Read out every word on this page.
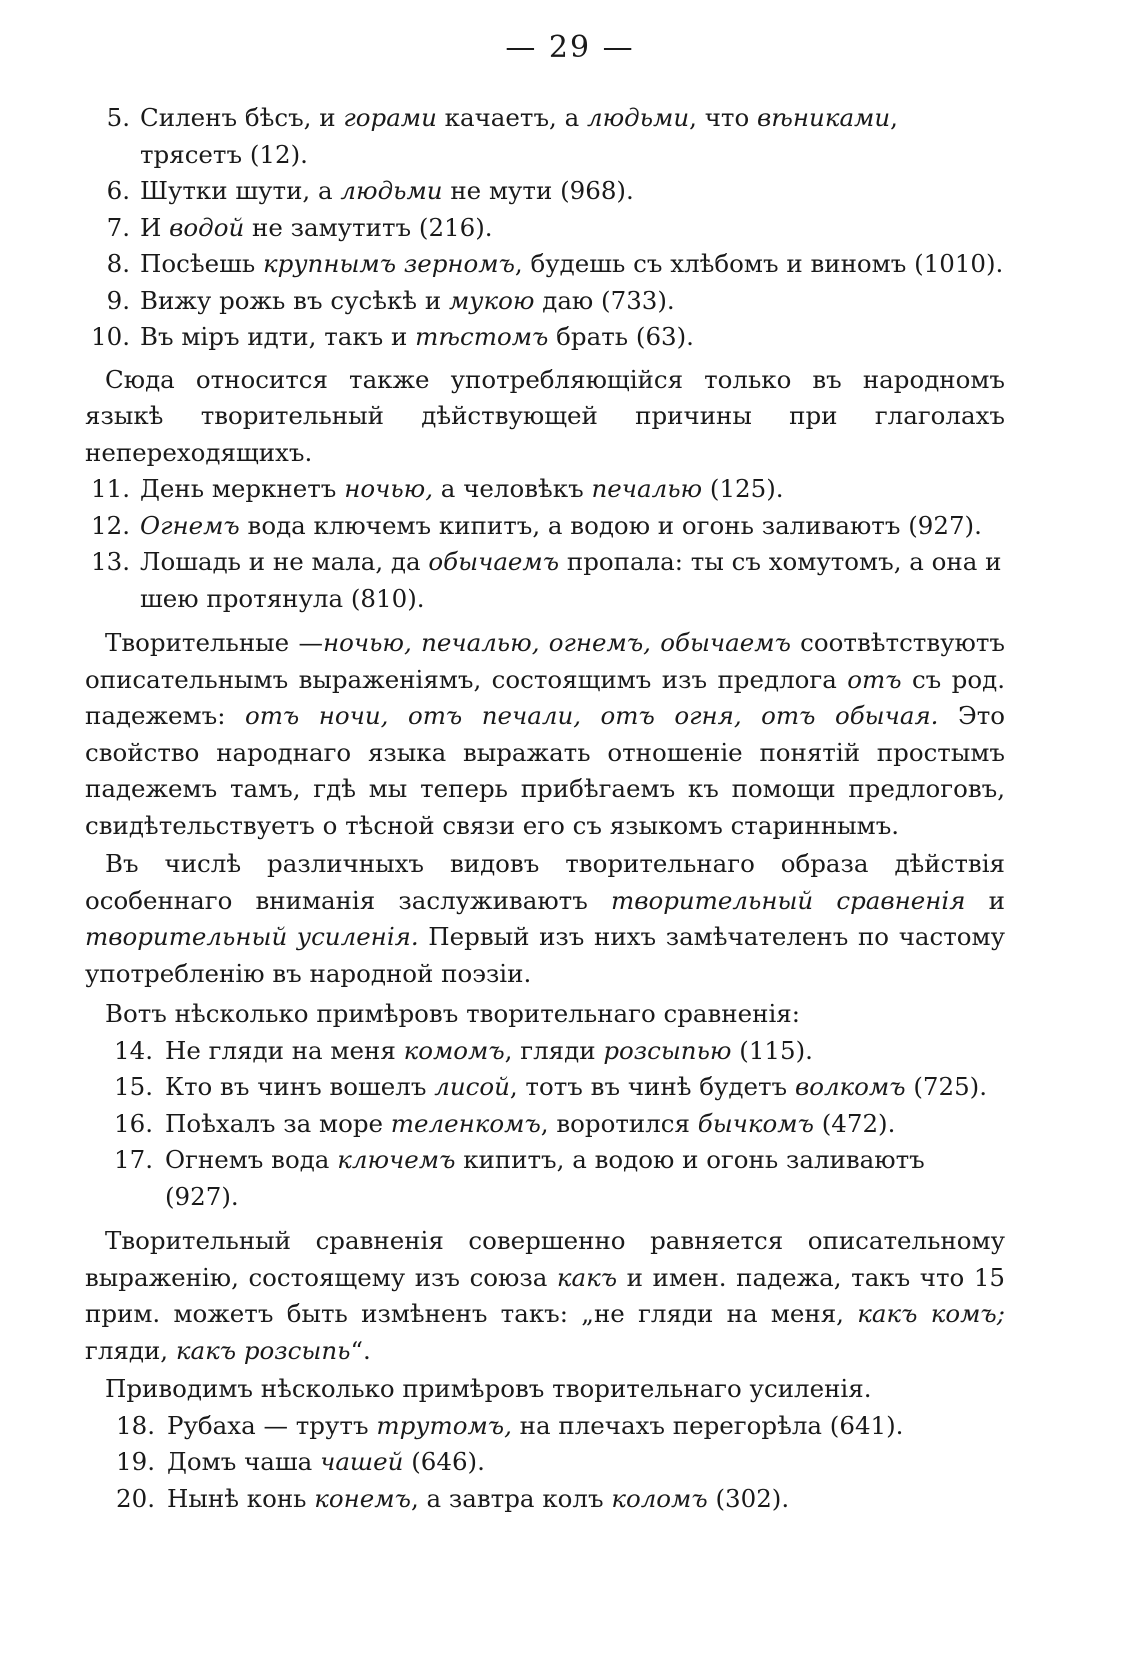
— 29 —
5. Силенъ бѣсъ, и горами качаетъ, а людьми, что вѣниками, трясетъ (12).
6. Шутки шути, а людьми не мути (968).
7. И водой не замутитъ (216).
8. Посѣешь крупнымъ зерномъ, будешь съ хлѣбомъ и виномъ (1010).
9. Вижу рожь въ сусѣкѣ и мукою даю (733).
10. Въ міръ идти, такъ и тѣстомъ брать (63).

Сюда относится также употребляющійся только въ народномъ языкѣ творительный дѣйствующей причины при глаголахъ непереходящихъ.

11. День меркнетъ ночью, а человѣкъ печалью (125).
12. Огнемъ вода ключемъ кипитъ, а водою и огонь заливаютъ (927).
13. Лошадь и не мала, да обычаемъ пропала: ты съ хомутомъ, а она и шею протянула (810).

Творительные —ночью, печалью, огнемъ, обычаемъ соотвѣтствуютъ описательнымъ выраженіямъ, состоящимъ изъ предлога отъ съ род. падежемъ: отъ ночи, отъ печали, отъ огня, отъ обычая. Это свойство народнаго языка выражать отношеніе понятій простымъ падежемъ тамъ, гдѣ мы теперь прибѣгаемъ къ помощи предлоговъ, свидѣтельствуетъ о тѣсной связи его съ языкомъ стариннымъ.

Въ числѣ различныхъ видовъ творительнаго образа дѣйствія особеннаго вниманія заслуживаютъ творительный сравненія и творительный усиленія. Первый изъ нихъ замѣчателенъ по частому употребленію въ народной поэзіи.

Вотъ нѣсколько примѣровъ творительнаго сравненія:

14. Не гляди на меня комомъ, гляди розсыпью (115).
15. Кто въ чинъ вошелъ лисой, тотъ въ чинѣ будетъ волкомъ (725).
16. Поѣхалъ за море теленкомъ, воротился бычкомъ (472).
17. Огнемъ вода ключемъ кипитъ, а водою и огонь заливаютъ (927).

Творительный сравненія совершенно равняется описательному выраженію, состоящему изъ союза какъ и имен. падежа, такъ что 15 прим. можетъ быть измѣненъ такъ: „не гляди на меня, какъ комъ; гляди, какъ розсыпь“.

Приводимъ нѣсколько примѣровъ творительнаго усиленія.

18. Рубаха — трутъ трутомъ, на плечахъ перегорѣла (641).
19. Домъ чаша чашей (646).
20. Нынѣ конь конемъ, а завтра колъ коломъ (302).
